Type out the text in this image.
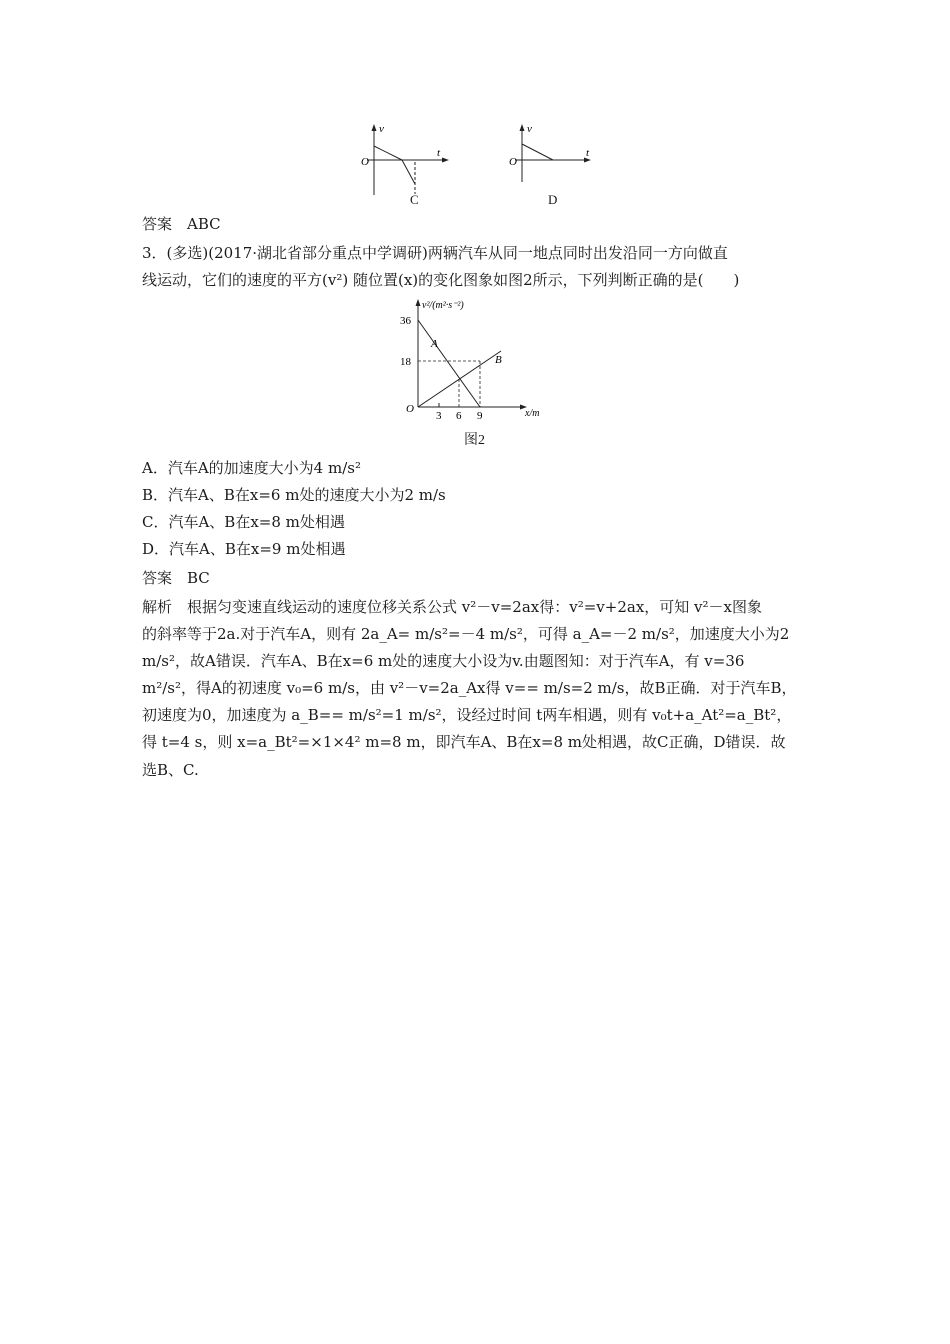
v
t
O
C
v
t
O
D
答案　ABC
3．(多选)(2017·湖北省部分重点中学调研)两辆汽车从同一地点同时出发沿同一方向做直
线运动，它们的速度的平方(v²) 随位置(x)的变化图象如图2所示，下列判断正确的是(　　)
v²/(m²·s⁻²)
x/m
O
36
18
3 6 9
A
B
图2
A．汽车A的加速度大小为4 m/s²
B．汽车A、B在x=6 m处的速度大小为2 m/s
C．汽车A、B在x=8 m处相遇
D．汽车A、B在x=9 m处相遇
答案　BC
解析　根据匀变速直线运动的速度位移关系公式 v²－v=2ax得：v²=v+2ax，可知 v²－x图象
的斜率等于2a.对于汽车A，则有 2a_A= m/s²=－4 m/s²，可得 a_A=－2 m/s²，加速度大小为2
m/s²，故A错误．汽车A、B在x=6 m处的速度大小设为v.由题图知：对于汽车A，有 v=36
m²/s²，得A的初速度 v₀=6 m/s，由 v²－v=2a_Ax得 v== m/s=2 m/s，故B正确．对于汽车B，
初速度为0，加速度为 a_B== m/s²=1 m/s²，设经过时间 t两车相遇，则有 v₀t+a_At²=a_Bt²，
得 t=4 s，则 x=a_Bt²=×1×4² m=8 m，即汽车A、B在x=8 m处相遇，故C正确，D错误．故
选B、C.
